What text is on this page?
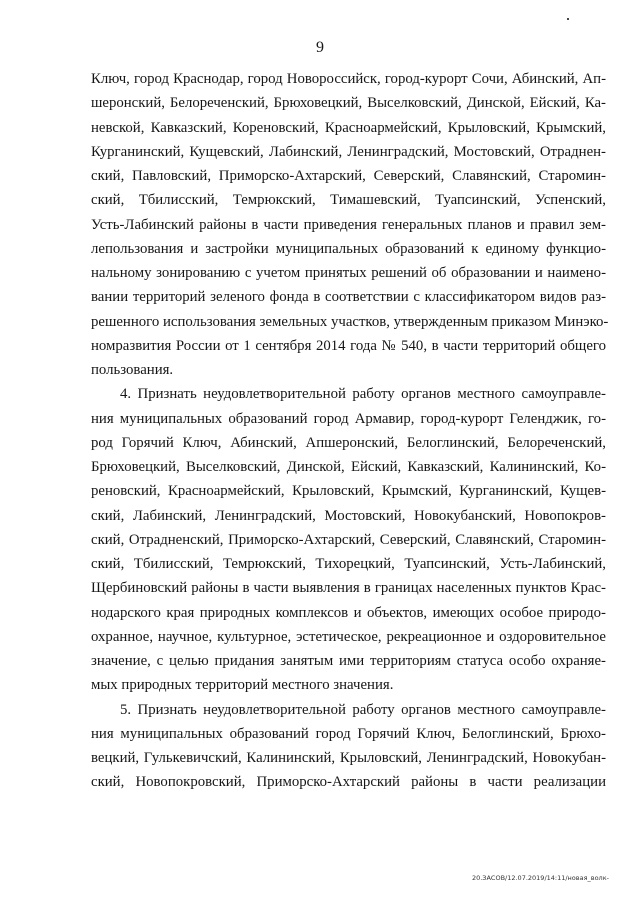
9
Ключ, город Краснодар, город Новороссийск, город-курорт Сочи, Абинский, Ап-
шеронский, Белореченский, Брюховецкий, Выселковский, Динской, Ейский, Ка-
невской, Кавказский, Кореновский, Красноармейский, Крыловский, Крымский,
Курганинский, Кущевский, Лабинский, Ленинградский, Мостовский, Отраднен-
ский, Павловский, Приморско-Ахтарский, Северский, Славянский, Старомин-
ский, Тбилисский, Темрюкский, Тимашевский, Туапсинский, Успенский,
Усть-Лабинский районы в части приведения генеральных планов и правил зем-
лепользования и застройки муниципальных образований к единому функцио-
нальному зонированию с учетом принятых решений об образовании и наимено-
вании территорий зеленого фонда в соответствии с классификатором видов раз-
решенного использования земельных участков, утвержденным приказом Минэко-
номразвития России от 1 сентября 2014 года № 540, в части территорий общего
пользования.
4. Признать неудовлетворительной работу органов местного самоуправле-
ния муниципальных образований город Армавир, город-курорт Геленджик, го-
род Горячий Ключ, Абинский, Апшеронский, Белоглинский, Белореченский,
Брюховецкий, Выселковский, Динской, Ейский, Кавказский, Калининский, Ко-
реновский, Красноармейский, Крыловский, Крымский, Курганинский, Кущев-
ский, Лабинский, Ленинградский, Мостовский, Новокубанский, Новопокров-
ский, Отрадненский, Приморско-Ахтарский, Северский, Славянский, Старомин-
ский, Тбилисский, Темрюкский, Тихорецкий, Туапсинский, Усть-Лабинский,
Щербиновский районы в части выявления в границах населенных пунктов Крас-
нодарского края природных комплексов и объектов, имеющих особое природо-
охранное, научное, культурное, эстетическое, рекреационное и оздоровительное
значение, с целью придания занятым ими территориям статуса особо охраняе-
мых природных территорий местного значения.
5. Признать неудовлетворительной работу органов местного самоуправле-
ния муниципальных образований город Горячий Ключ, Белоглинский, Брюхо-
вецкий, Гулькевичский, Калининский, Крыловский, Ленинградский, Новокубан-
ский, Новопокровский, Приморско-Ахтарский районы в части реализации
20.ЗАСОВ/12.07.2019/14:11/новая_волк-
